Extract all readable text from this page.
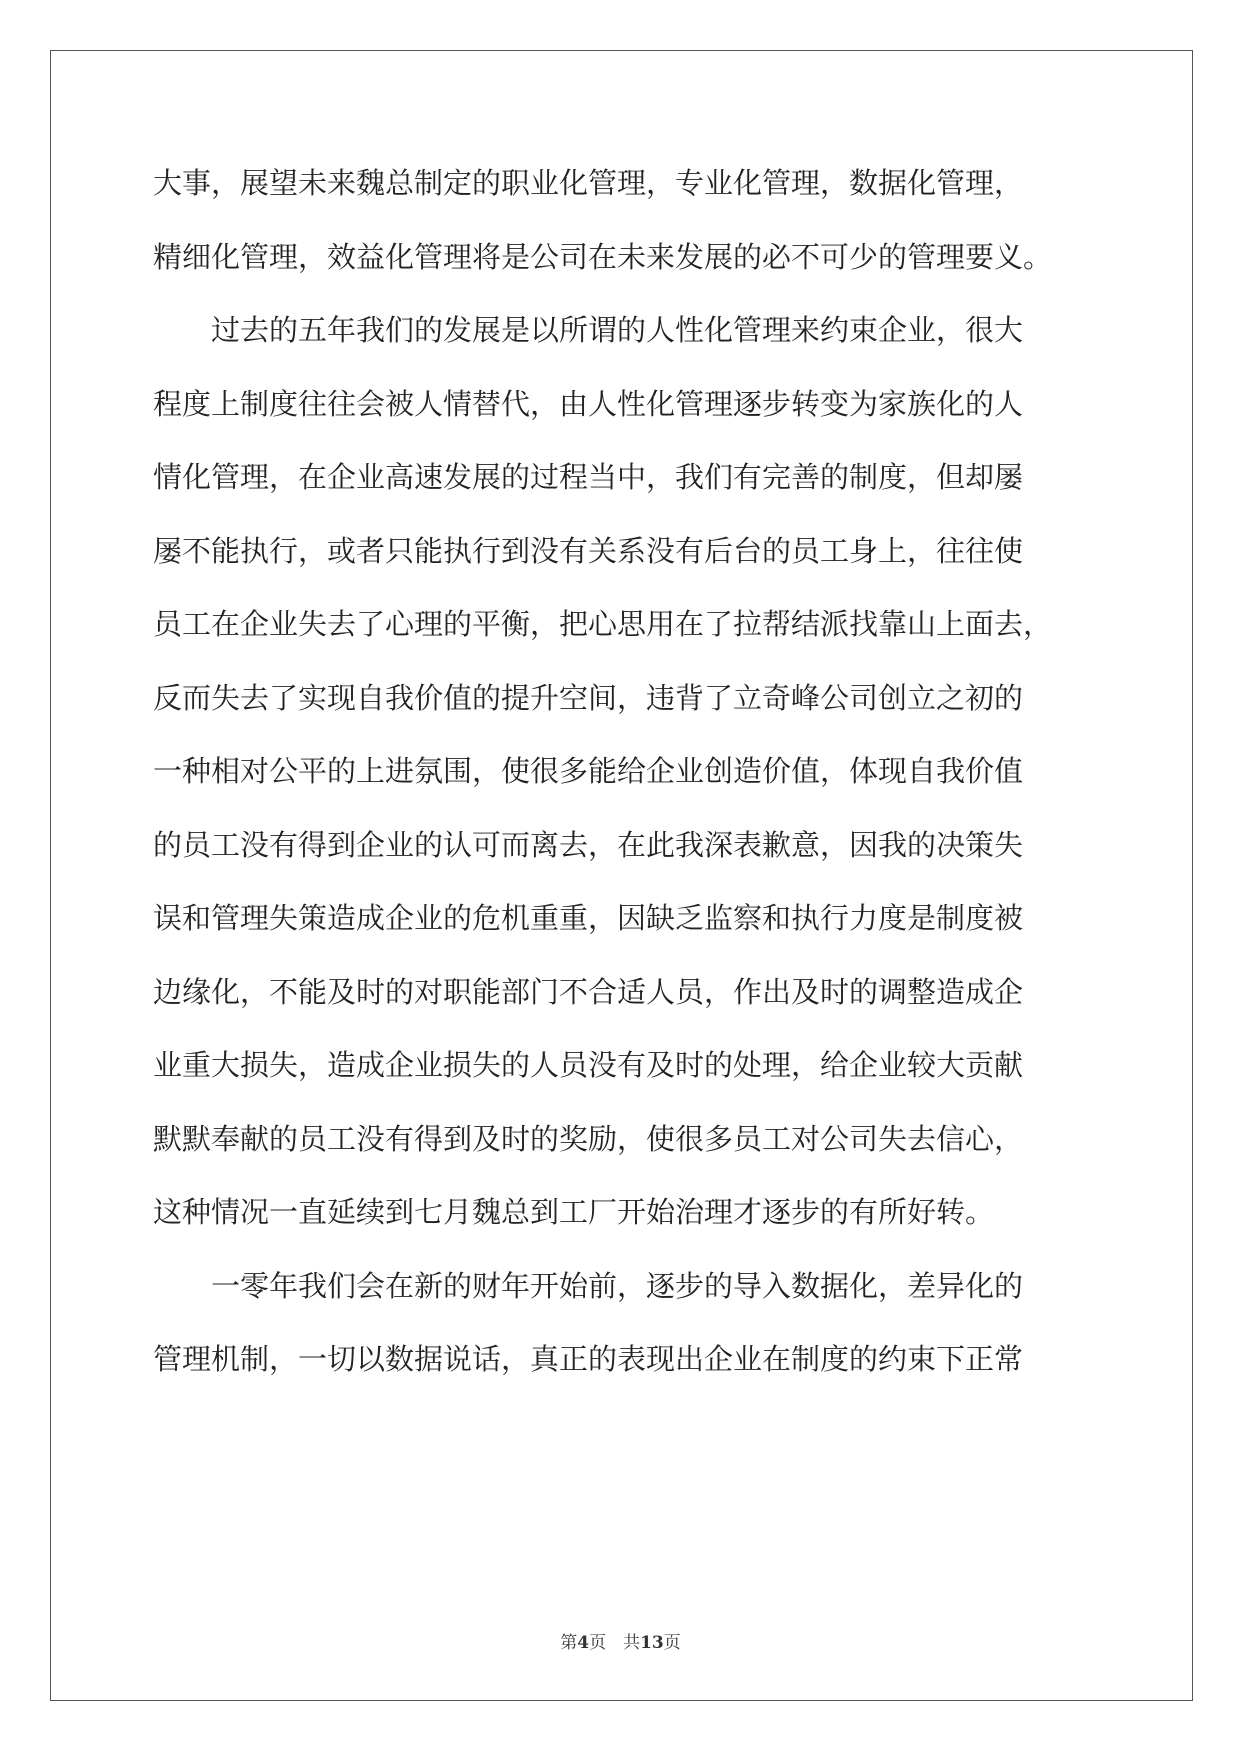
大事，展望未来魏总制定的职业化管理，专业化管理，数据化管理，
精细化管理，效益化管理将是公司在未来发展的必不可少的管理要义。
　　过去的五年我们的发展是以所谓的人性化管理来约束企业，很大
程度上制度往往会被人情替代，由人性化管理逐步转变为家族化的人
情化管理，在企业高速发展的过程当中，我们有完善的制度，但却屡
屡不能执行，或者只能执行到没有关系没有后台的员工身上，往往使
员工在企业失去了心理的平衡，把心思用在了拉帮结派找靠山上面去，
反而失去了实现自我价值的提升空间，违背了立奇峰公司创立之初的
一种相对公平的上进氛围，使很多能给企业创造价值，体现自我价值
的员工没有得到企业的认可而离去，在此我深表歉意，因我的决策失
误和管理失策造成企业的危机重重，因缺乏监察和执行力度是制度被
边缘化，不能及时的对职能部门不合适人员，作出及时的调整造成企
业重大损失，造成企业损失的人员没有及时的处理，给企业较大贡献
默默奉献的员工没有得到及时的奖励，使很多员工对公司失去信心，
这种情况一直延续到七月魏总到工厂开始治理才逐步的有所好转。
　　一零年我们会在新的财年开始前，逐步的导入数据化，差异化的
管理机制，一切以数据说话，真正的表现出企业在制度的约束下正常
第4页　共13页
